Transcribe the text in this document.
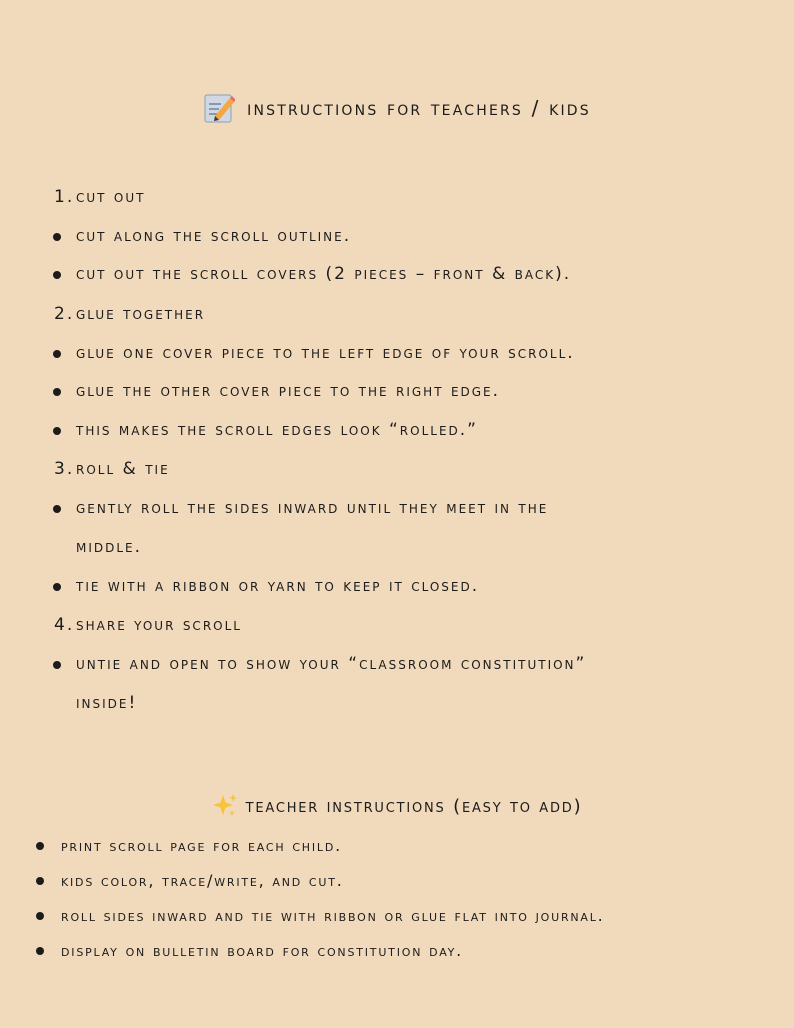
instructions for teachers / kids
1. cut out
cut along the scroll outline.
cut out the scroll covers (2 pieces – front & back).
2. glue together
glue one cover piece to the left edge of your scroll.
glue the other cover piece to the right edge.
this makes the scroll edges look “rolled.”
3. roll & tie
gently roll the sides inward until they meet in the
middle.
tie with a ribbon or yarn to keep it closed.
4. share your scroll
untie and open to show your “classroom constitution”
inside!
teacher instructions (easy to add)
print scroll page for each child.
kids color, trace/write, and cut.
roll sides inward and tie with ribbon or glue flat into journal.
display on bulletin board for constitution day.
